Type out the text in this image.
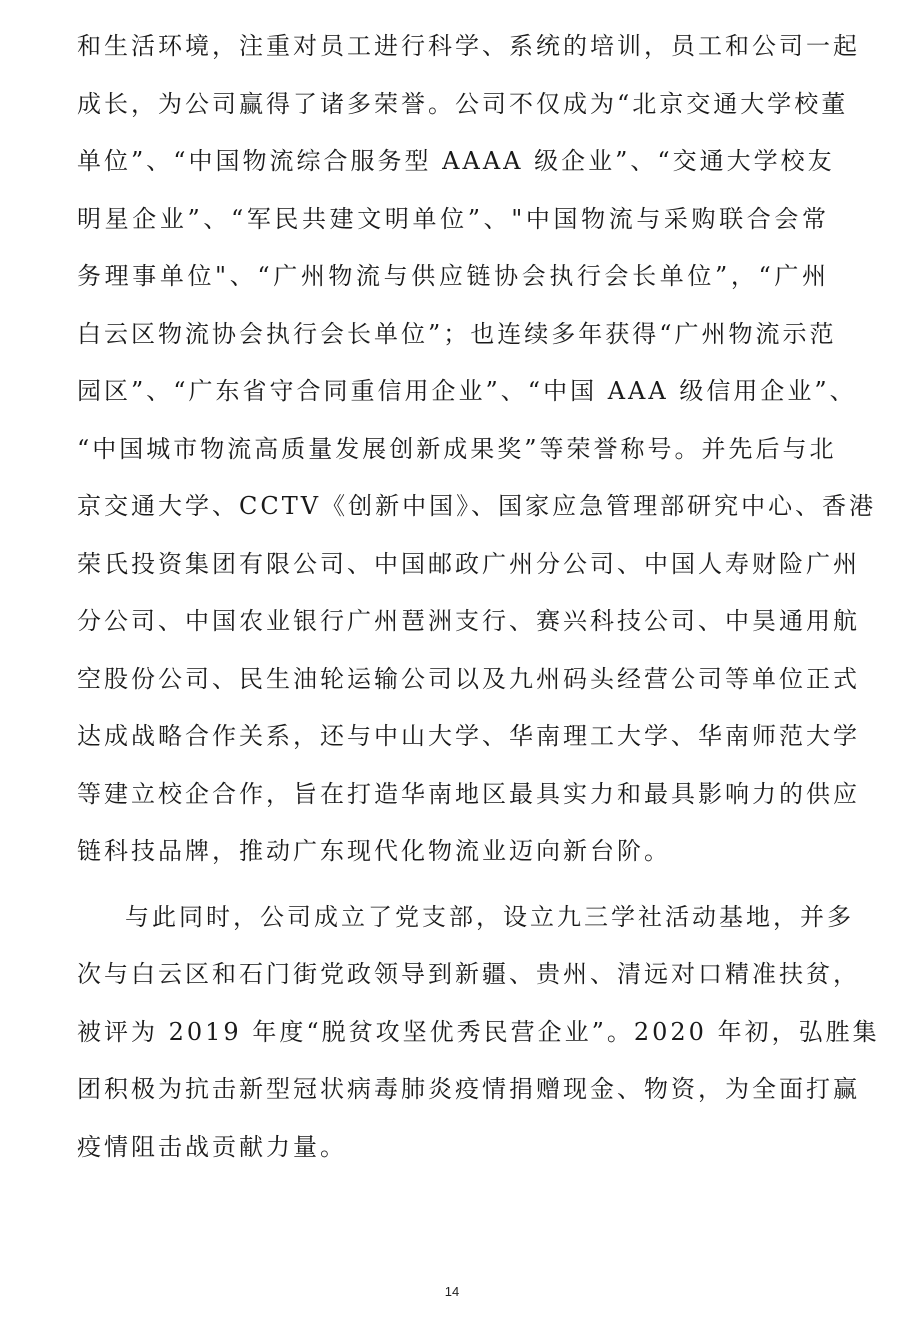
和生活环境，注重对员工进行科学、系统的培训，员工和公司一起
成长，为公司赢得了诸多荣誉。公司不仅成为“北京交通大学校董
单位”、“中国物流综合服务型 AAAA 级企业”、“交通大学校友
明星企业”、“军民共建文明单位”、"中国物流与采购联合会常
务理事单位"、“广州物流与供应链协会执行会长单位”，“广州
白云区物流协会执行会长单位”；也连续多年获得“广州物流示范
园区”、“广东省守合同重信用企业”、“中国 AAA 级信用企业”、
“中国城市物流高质量发展创新成果奖”等荣誉称号。并先后与北
京交通大学、CCTV《创新中国》、国家应急管理部研究中心、香港
荣氏投资集团有限公司、中国邮政广州分公司、中国人寿财险广州
分公司、中国农业银行广州琶洲支行、赛兴科技公司、中昊通用航
空股份公司、民生油轮运输公司以及九州码头经营公司等单位正式
达成战略合作关系，还与中山大学、华南理工大学、华南师范大学
等建立校企合作，旨在打造华南地区最具实力和最具影响力的供应
链科技品牌，推动广东现代化物流业迈向新台阶。
与此同时，公司成立了党支部，设立九三学社活动基地，并多
次与白云区和石门街党政领导到新疆、贵州、清远对口精准扶贫，
被评为 2019 年度“脱贫攻坚优秀民营企业”。2020 年初，弘胜集
团积极为抗击新型冠状病毒肺炎疫情捐赠现金、物资，为全面打赢
疫情阻击战贡献力量。
14
